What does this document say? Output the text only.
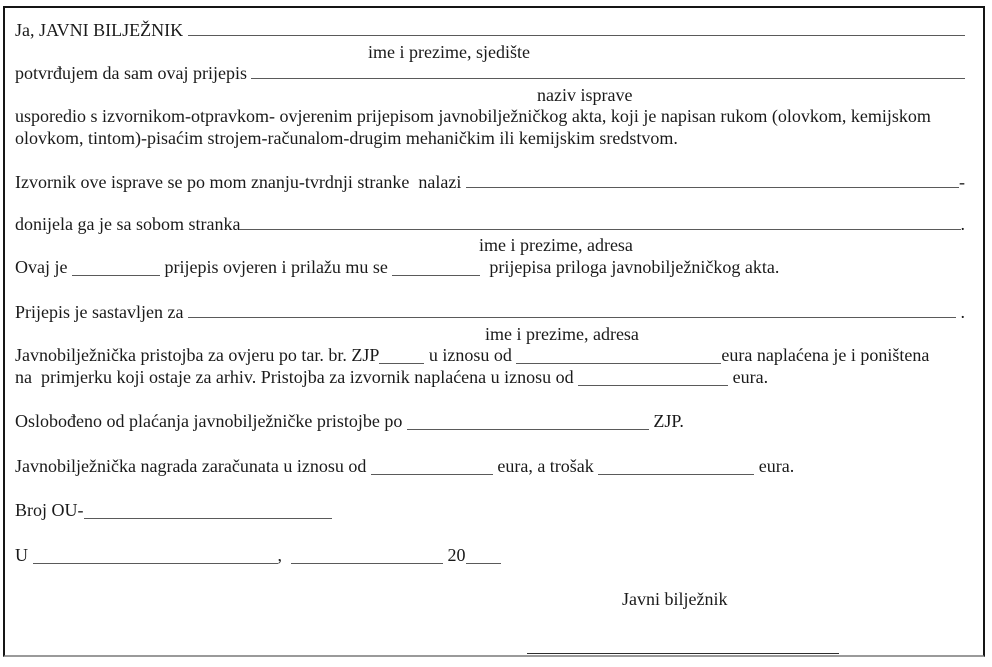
Ja, JAVNI BILJEŽNIK

ime i prezime, sjedište

potvrđujem da sam ovaj prijepis

naziv isprave

usporedio s izvornikom-otpravkom- ovjerenim prijepisom javnobilježničkog akta, koji je napisan rukom (olovkom, kemijskom

olovkom, tintom)-pisaćim strojem-računalom-drugim mehaničkim ili kemijskim sredstvom.

Izvornik ove isprave se po mom znanju-tvrdnji stranke  nalazi	-

donijela ga je sa sobom stranka	.

ime i prezime, adresa

Ovaj je	prijepis ovjeren i prilažu mu se	prijepisa priloga javnobilježničkog akta.

Prijepis je sastavljen za	.

ime i prezime, adresa

Javnobilježnička pristojba za ovjeru po tar. br. ZJP	u iznosu od	eura naplaćena je i poništena

na  primjerku koji ostaje za arhiv. Pristojba za izvornik naplaćena u iznosu od	eura.

Oslobođeno od plaćanja javnobilježničke pristojbe po	ZJP.

Javnobilježnička nagrada zaračunata u iznosu od	eura, a trošak	eura.

Broj OU-

U	,	20

Javni bilježnik
